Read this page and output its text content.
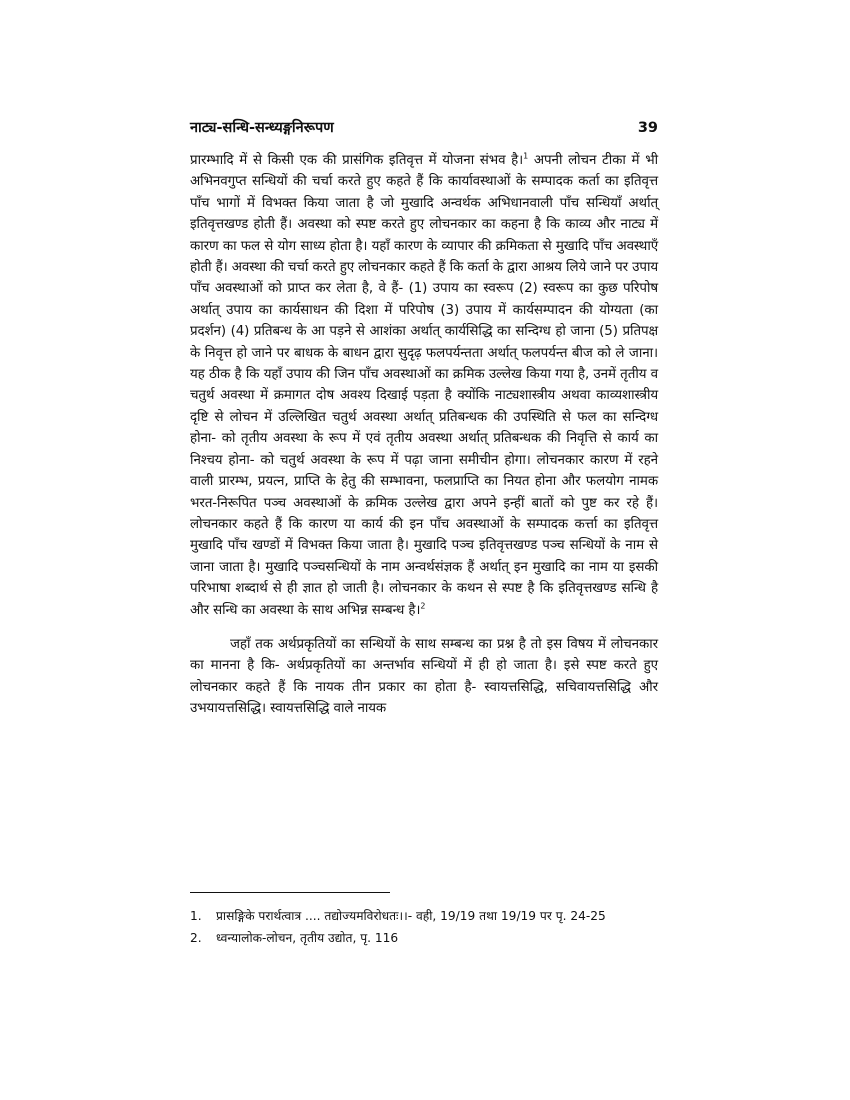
नाट्य-सन्धि-सन्ध्यङ्गनिरूपण	39

प्रारम्भादि में से किसी एक की प्रासंगिक इतिवृत्त में योजना संभव है।$^1$ अपनी लोचन टीका में भी अभिनवगुप्त सन्धियों की चर्चा करते हुए कहते हैं कि कार्यावस्थाओं के सम्पादक कर्ता का इतिवृत्त पाँच भागों में विभक्त किया जाता है जो मुखादि अन्वर्थक अभिधानवाली पाँच सन्धियाँ अर्थात् इतिवृत्तखण्ड होती हैं। अवस्था को स्पष्ट करते हुए लोचनकार का कहना है कि काव्य और नाट्य में कारण का फल से योग साध्य होता है। यहाँ कारण के व्यापार की क्रमिकता से मुखादि पाँच अवस्थाएँ होती हैं। अवस्था की चर्चा करते हुए लोचनकार कहते हैं कि कर्ता के द्वारा आश्रय लिये जाने पर उपाय पाँच अवस्थाओं को प्राप्त कर लेता है, वे हैं- (1) उपाय का स्वरूप (2) स्वरूप का कुछ परिपोष अर्थात् उपाय का कार्यसाधन की दिशा में परिपोष (3) उपाय में कार्यसम्पादन की योग्यता (का प्रदर्शन) (4) प्रतिबन्ध के आ पड़ने से आशंका अर्थात् कार्यसिद्धि का सन्दिग्ध हो जाना (5) प्रतिपक्ष के निवृत्त हो जाने पर बाधक के बाधन द्वारा सुदृढ़ फलपर्यन्तता अर्थात् फलपर्यन्त बीज को ले जाना। यह ठीक है कि यहाँ उपाय की जिन पाँच अवस्थाओं का क्रमिक उल्लेख किया गया है, उनमें तृतीय व चतुर्थ अवस्था में क्रमागत दोष अवश्य दिखाई पड़ता है क्योंकि नाट्यशास्त्रीय अथवा काव्यशास्त्रीय दृष्टि से लोचन में उल्लिखित चतुर्थ अवस्था अर्थात् प्रतिबन्धक की उपस्थिति से फल का सन्दिग्ध होना- को तृतीय अवस्था के रूप में एवं तृतीय अवस्था अर्थात् प्रतिबन्धक की निवृत्ति से कार्य का निश्चय होना- को चतुर्थ अवस्था के रूप में पढ़ा जाना समीचीन होगा। लोचनकार कारण में रहने वाली प्रारम्भ, प्रयत्न, प्राप्ति के हेतु की सम्भावना, फलप्राप्ति का नियत होना और फलयोग नामक भरत-निरूपित पञ्च अवस्थाओं के क्रमिक उल्लेख द्वारा अपने इन्हीं बातों को पुष्ट कर रहे हैं। लोचनकार कहते हैं कि कारण या कार्य की इन पाँच अवस्थाओं के सम्पादक कर्त्ता का इतिवृत्त मुखादि पाँच खण्डों में विभक्त किया जाता है। मुखादि पञ्च इतिवृत्तखण्ड पञ्च सन्धियों के नाम से जाना जाता है। मुखादि पञ्चसन्धियों के नाम अन्वर्थसंज्ञक हैं अर्थात् इन मुखादि का नाम या इसकी परिभाषा शब्दार्थ से ही ज्ञात हो जाती है। लोचनकार के कथन से स्पष्ट है कि इतिवृत्तखण्ड सन्धि है और सन्धि का अवस्था के साथ अभिन्न सम्बन्ध है।$^2$

जहाँ तक अर्थप्रकृतियों का सन्धियों के साथ सम्बन्ध का प्रश्न है तो इस विषय में लोचनकार का मानना है कि- अर्थप्रकृतियों का अन्तर्भाव सन्धियों में ही हो जाता है। इसे स्पष्ट करते हुए लोचनकार कहते हैं कि नायक तीन प्रकार का होता है- स्वायत्तसिद्धि, सचिवायत्तसिद्धि और उभयायत्तसिद्धि। स्वायत्तसिद्धि वाले नायक

1.	प्रासङ्गिके परार्थत्वात्र .... तद्योज्यमविरोधतः।।- वही, 19/19 तथा 19/19 पर पृ. 24-25
2.	ध्वन्यालोक-लोचन, तृतीय उद्योत, पृ. 116
